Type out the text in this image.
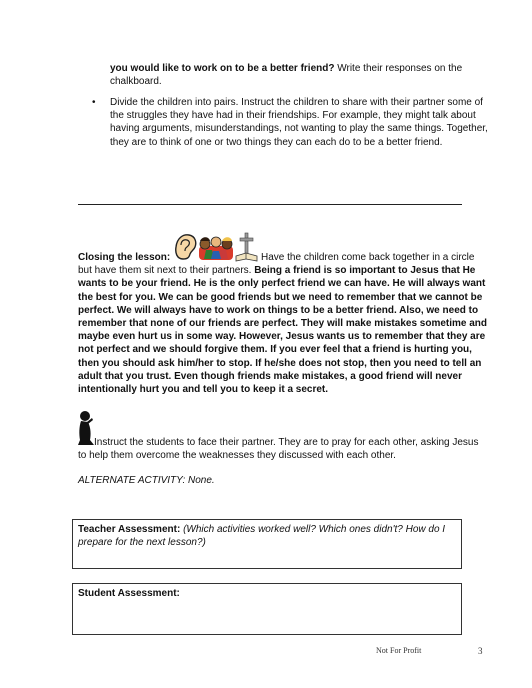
you would like to work on to be a better friend? Write their responses on the chalkboard.
• Divide the children into pairs. Instruct the children to share with their partner some of the struggles they have had in their friendships. For example, they might talk about having arguments, misunderstandings, not wanting to play the same things. Together, they are to think of one or two things they can each do to be a better friend.
Closing the lesson:	Have the children come back together in a circle but have them sit next to their partners. Being a friend is so important to Jesus that He wants to be your friend. He is the only perfect friend we can have. He will always want the best for you. We can be good friends but we need to remember that we cannot be perfect. We will always have to work on things to be a better friend. Also, we need to remember that none of our friends are perfect. They will make mistakes sometime and maybe even hurt us in some way. However, Jesus wants us to remember that they are not perfect and we should forgive them. If you ever feel that a friend is hurting you, then you should ask him/her to stop. If he/she does not stop, then you need to tell an adult that you trust. Even though friends make mistakes, a good friend will never intentionally hurt you and tell you to keep it a secret.
Instruct the students to face their partner. They are to pray for each other, asking Jesus to help them overcome the weaknesses they discussed with each other.
ALTERNATE ACTIVITY: None.
Teacher Assessment: (Which activities worked well? Which ones didn't? How do I prepare for the next lesson?)
Student Assessment:
Not For Profit	3
